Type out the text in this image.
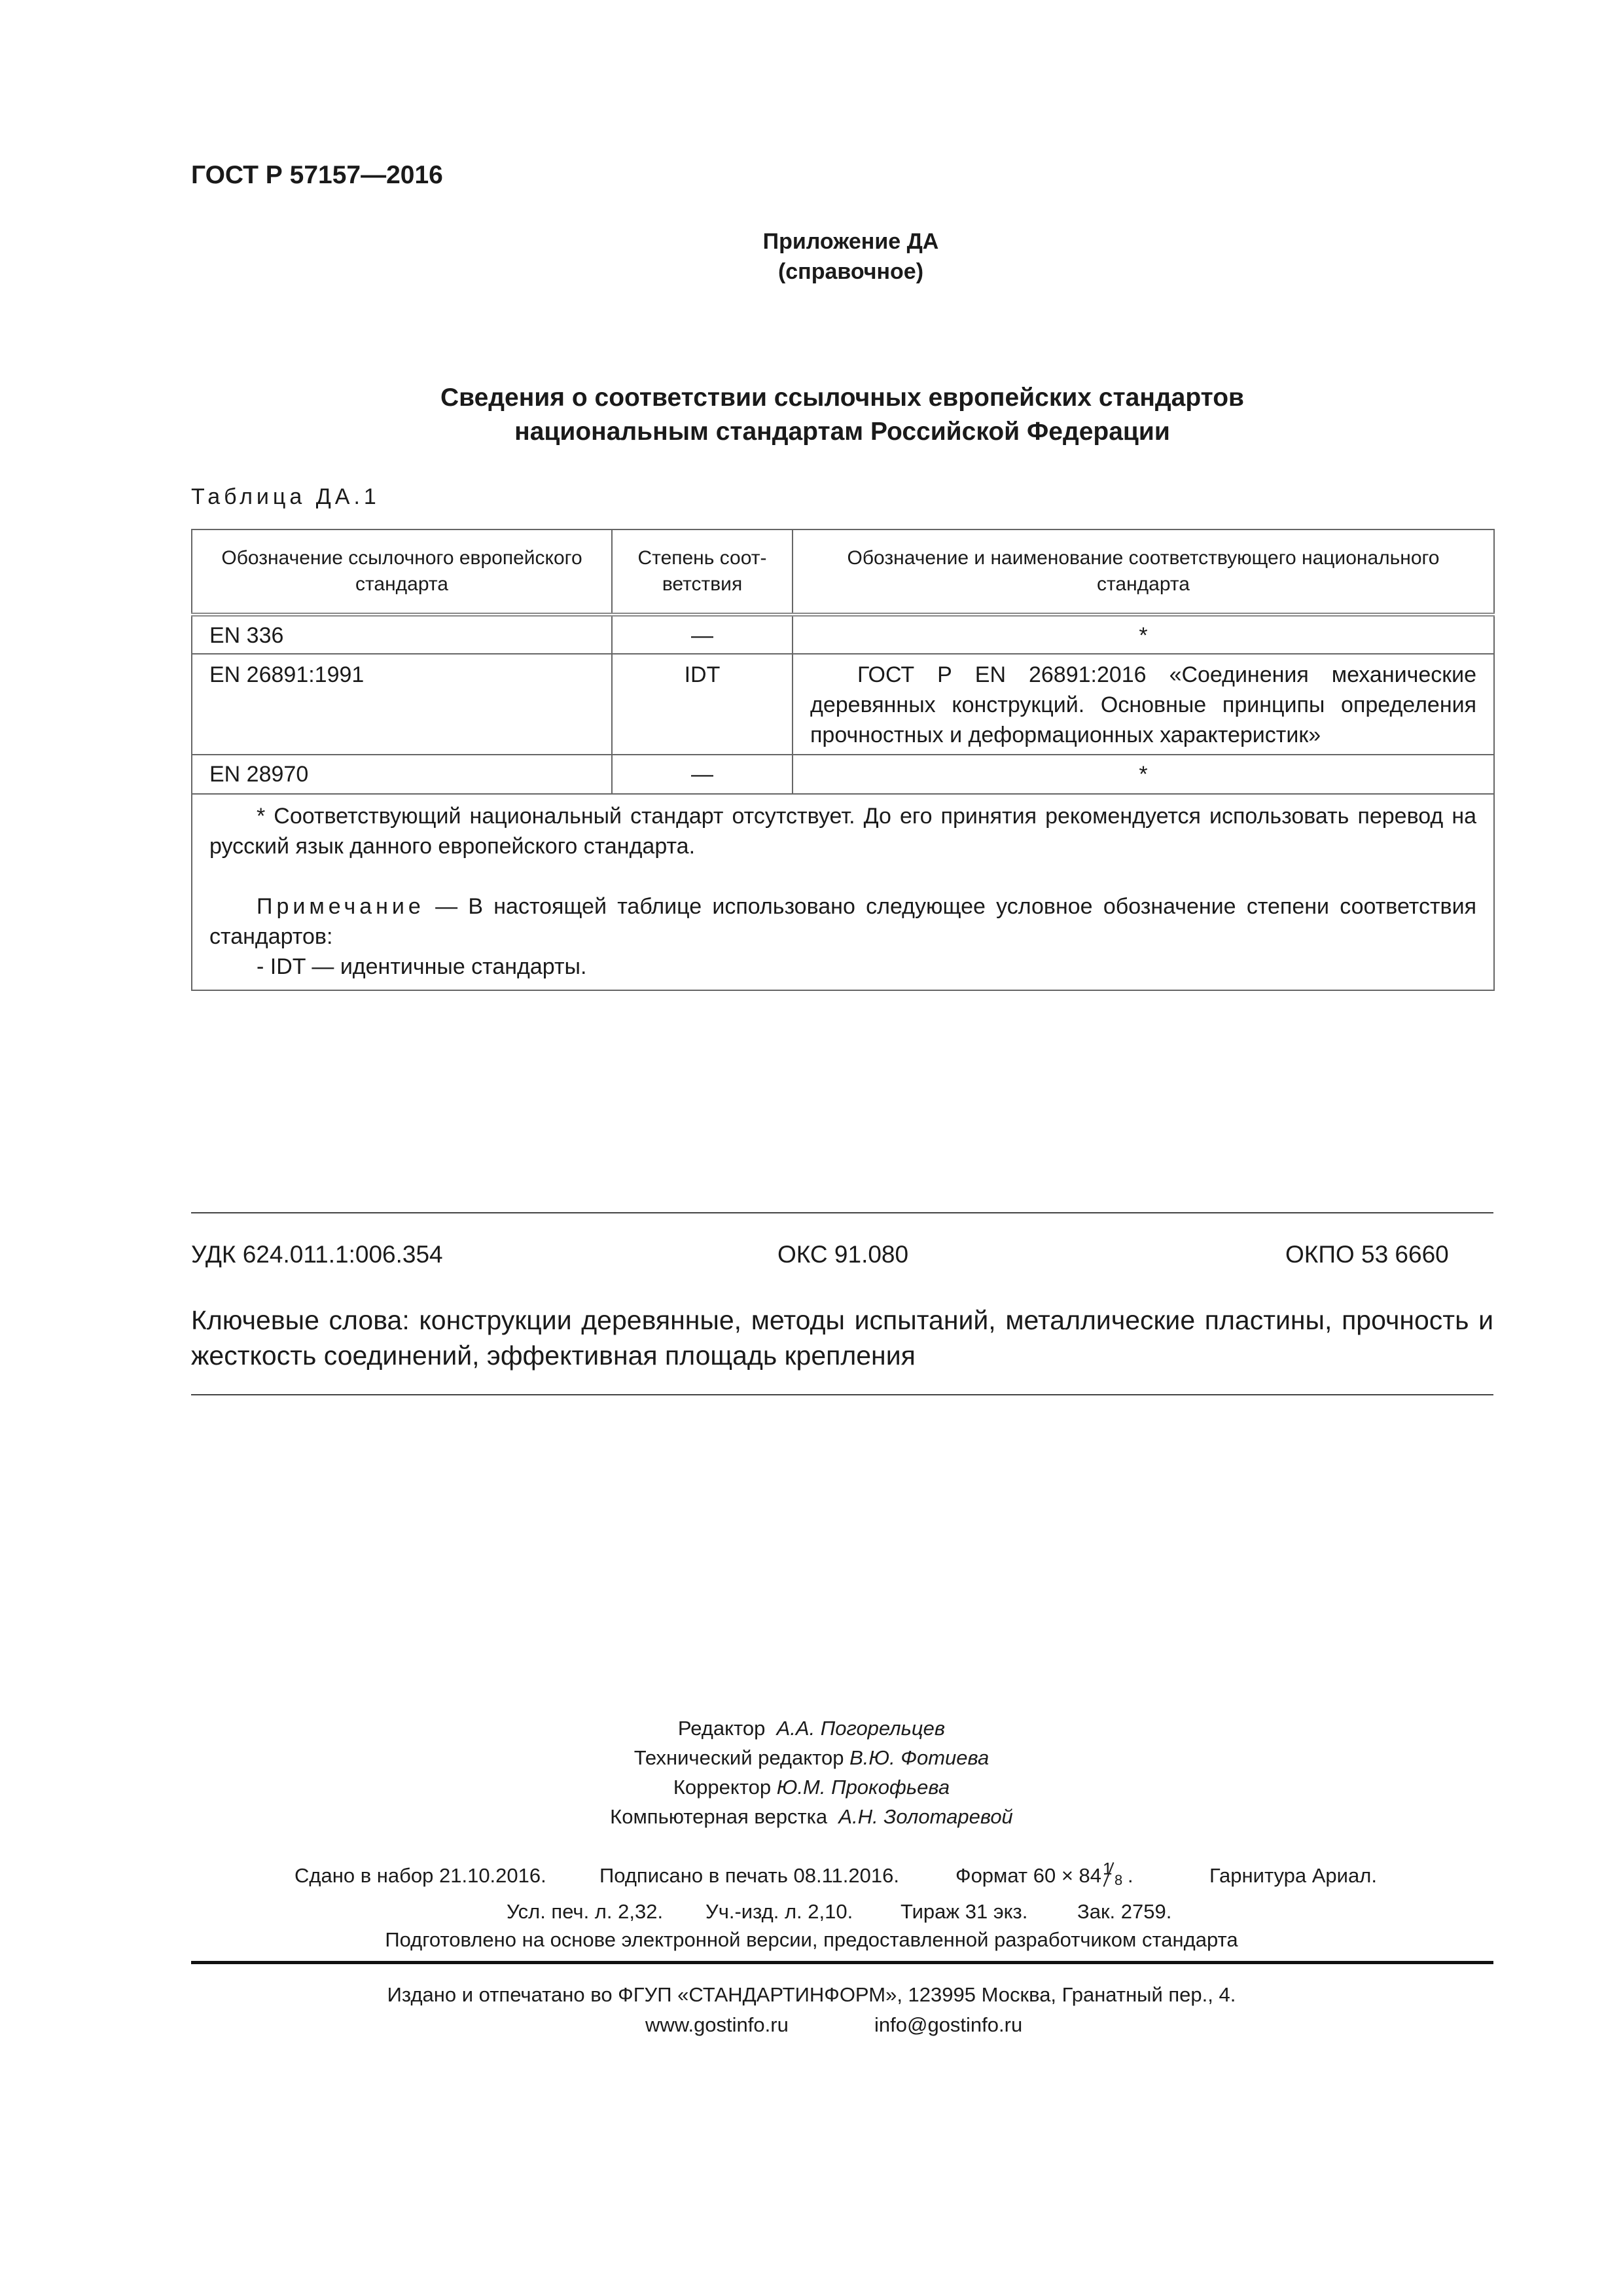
ГОСТ Р 57157—2016
Приложение ДА
(справочное)
Сведения о соответствии ссылочных европейских стандартов
национальным стандартам Российской Федерации
Таблица ДА.1
Обозначение ссылочного европейского стандарта	Степень соот-ветствия	Обозначение и наименование соответствующего национального стандарта
EN 336	—	*
EN 26891:1991	IDT	ГОСТ Р EN 26891:2016 «Соединения механические деревянных конструкций. Основные принципы определения прочностных и деформационных характеристик»
EN 28970	—	*

* Соответствующий национальный стандарт отсутствует. До его принятия рекомендуется использовать перевод на русский язык данного европейского стандарта.

Примечание — В настоящей таблице использовано следующее условное обозначение степени соответствия стандартов:

- IDT — идентичные стандарты.		

УДК 624.011.1:006.354	ОКС 91.080	ОКПО 53 6660
Ключевые слова: конструкции деревянные, методы испытаний, металлические пластины, прочность и жесткость соединений, эффективная площадь крепления
Редактор А.А. Погорельцев
Технический редактор В.Ю. Фотиева
Корректор Ю.М. Прокофьева
Компьютерная верстка А.Н. Золотаревой
Сдано в набор 21.10.2016.	Подписано в печать 08.11.2016.	Формат 60 × 84 1
8 .	Гарнитура Ариал.
Усл. печ. л. 2,32. Уч.-изд. л. 2,10. Тираж 31 экз. Зак. 2759.
Подготовлено на основе электронной версии, предоставленной разработчиком стандарта
Издано и отпечатано во ФГУП «СТАНДАРТИНФОРМ», 123995 Москва, Гранатный пер., 4.
www.gostinfo.ru	info@gostinfo.ru
